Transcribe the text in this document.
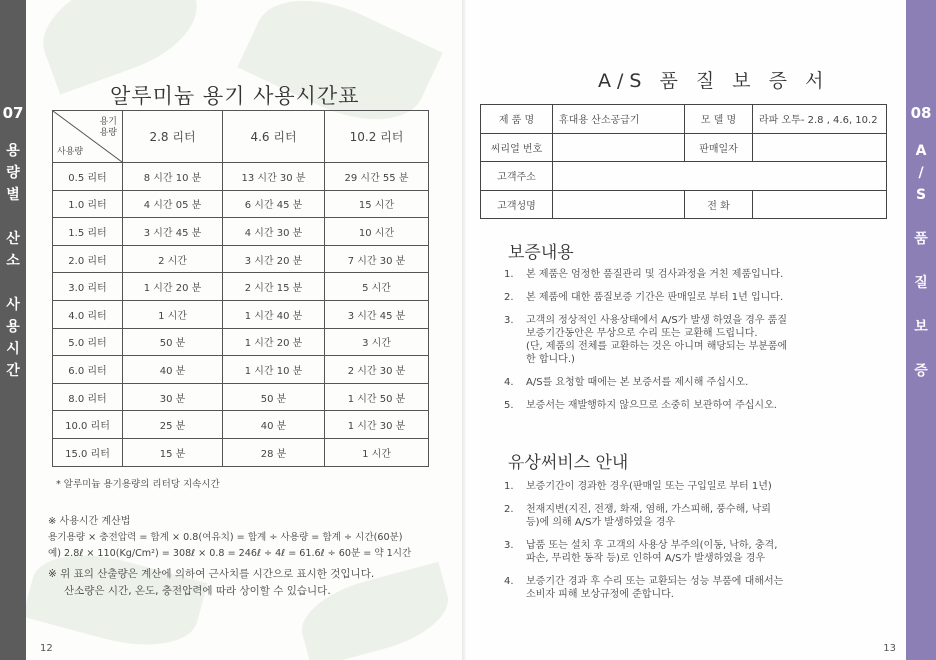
07
용
량
별

산
소

사
용
시
간
알루미늄 용기 사용시간표
용기
용량
사용량	2.8 리터	4.6 리터	10.2 리터
0.5 리터	8 시간 10 분	13 시간 30 분	29 시간 55 분
1.0 리터	4 시간 05 분	6 시간 45 분	15 시간
1.5 리터	3 시간 45 분	4 시간 30 분	10 시간
2.0 리터	2 시간	3 시간 20 분	7 시간 30 분
3.0 리터	1 시간 20 분	2 시간 15 분	5 시간
4.0 리터	1 시간	1 시간 40 분	3 시간 45 분
5.0 리터	50 분	1 시간 20 분	3 시간
6.0 리터	40 분	1 시간 10 분	2 시간 30 분
8.0 리터	30 분	50 분	1 시간 50 분
10.0 리터	25 분	40 분	1 시간 30 분
15.0 리터	15 분	28 분	1 시간
* 알루미늄 용기용량의 리터당 지속시간
※ 사용시간 계산법
용기용량 × 충전압력 = 합계 × 0.8(여유치) = 합계 ÷ 사용량 = 합계 ÷ 시간(60분)
예) 2.8ℓ × 110(Kg/Cm²) = 308ℓ × 0.8 = 246ℓ ÷ 4ℓ = 61.6ℓ ÷ 60분 = 약 1시간
※ 위 표의 산출량은 계산에 의하여 근사치를 시간으로 표시한 것입니다.
산소량은 시간, 온도, 충전압력에 따라 상이할 수 있습니다.
12
08
A
/
S

품

질

보

증
A/S 품 질 보 증 서
제 품 명	휴대용 산소공급기	모 델 명	라파 오투- 2.8 , 4.6, 10.2
씨리얼 번호		판매일자	
고객주소			
고객성명		전 화	
보증내용
1.	본 제품은 엄정한 품질관리 및 검사과정을 거친 제품입니다.
2.	본 제품에 대한 품질보증 기간은 판매일로 부터 1년 입니다.
3.	고객의 정상적인 사용상태에서 A/S가 발생 하였을 경우 품질
보증기간동안은 무상으로 수리 또는 교환해 드립니다.
(단, 제품의 전체를 교환하는 것은 아니며 해당되는 부분품에
한 합니다.)
4.	A/S를 요청할 때에는 본 보증서를 제시해 주십시오.
5.	보증서는 재발행하지 않으므로 소중히 보관하여 주십시오.
유상써비스 안내
1.	보증기간이 경과한 경우(판매일 또는 구입일로 부터 1년)
2.	천재지변(지진, 전쟁, 화재, 염해, 가스피해, 풍수해, 낙뢰
등)에 의해 A/S가 발생하였을 경우
3.	납품 또는 설치 후 고객의 사용상 부주의(이동, 낙하, 충격,
파손, 무리한 동작 등)로 인하여 A/S가 발생하였을 경우
4.	보증기간 경과 후 수리 또는 교환되는 성능 부품에 대해서는
소비자 피해 보상규정에 준합니다.
13
